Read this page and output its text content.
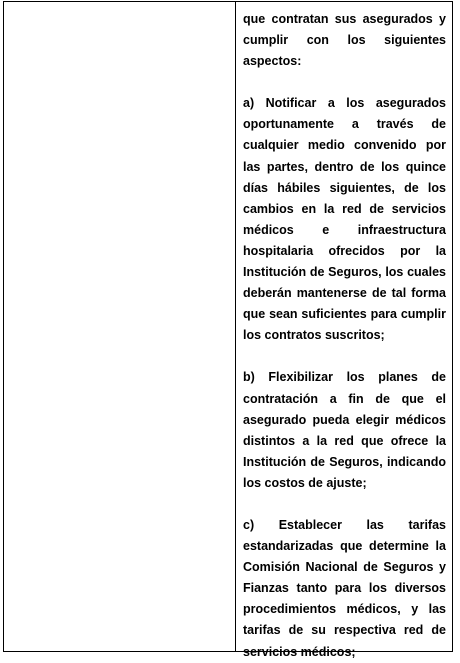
que contratan sus asegurados y cumplir con los siguientes aspectos:

a) Notificar a los asegurados oportunamente a través de cualquier medio convenido por las partes, dentro de los quince días hábiles siguientes, de los cambios en la red de servicios médicos e infraestructura hospitalaria ofrecidos por la Institución de Seguros, los cuales deberán mantenerse de tal forma que sean suficientes para cumplir los contratos suscritos;

b) Flexibilizar los planes de contratación a fin de que el asegurado pueda elegir médicos distintos a la red que ofrece la Institución de Seguros, indicando los costos de ajuste;

c) Establecer las tarifas estandarizadas que determine la Comisión Nacional de Seguros y Fianzas tanto para los diversos procedimientos médicos, y las tarifas de su respectiva red de servicios médicos;
